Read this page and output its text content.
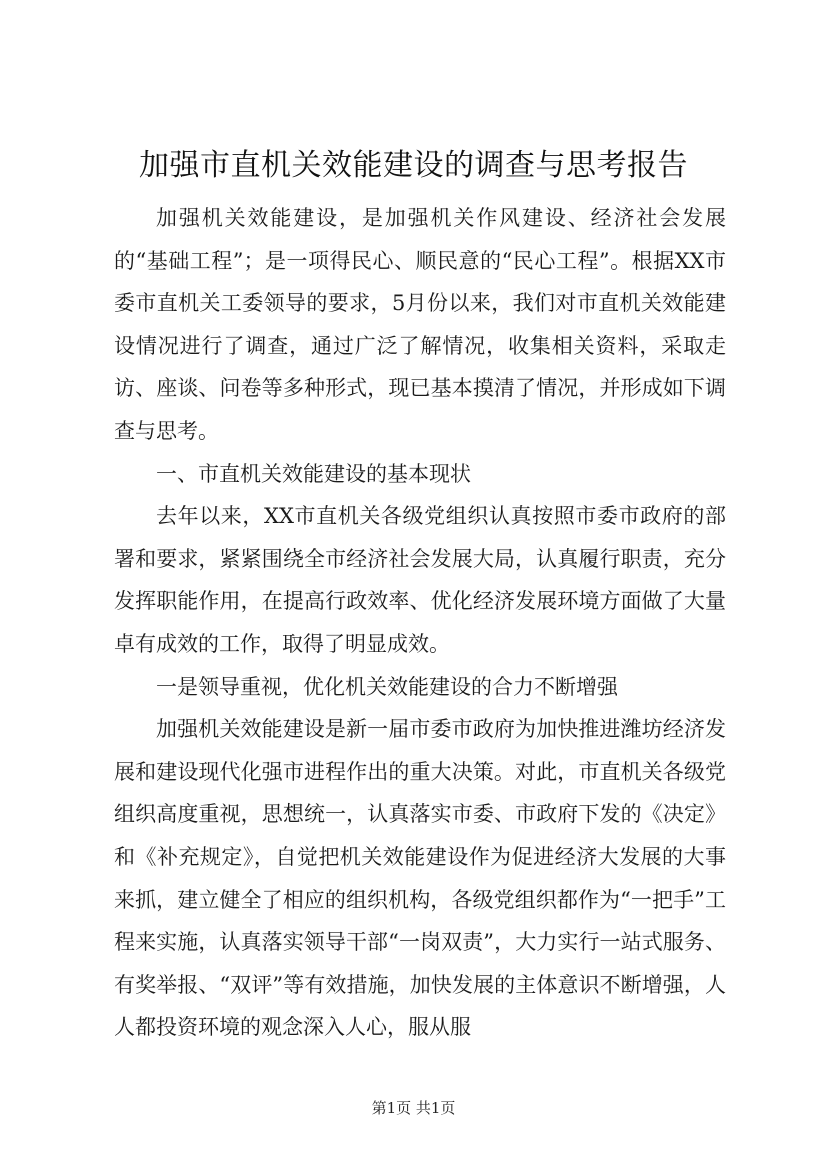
加强市直机关效能建设的调查与思考报告

加强机关效能建设，是加强机关作风建设、经济社会发展的“基础工程”；是一项得民心、顺民意的“民心工程”。根据XX市委市直机关工委领导的要求，5月份以来，我们对市直机关效能建设情况进行了调查，通过广泛了解情况，收集相关资料，采取走访、座谈、问卷等多种形式，现已基本摸清了情况，并形成如下调查与思考。

一、市直机关效能建设的基本现状

去年以来，XX市直机关各级党组织认真按照市委市政府的部署和要求，紧紧围绕全市经济社会发展大局，认真履行职责，充分发挥职能作用，在提高行政效率、优化经济发展环境方面做了大量卓有成效的工作，取得了明显成效。

一是领导重视，优化机关效能建设的合力不断增强

加强机关效能建设是新一届市委市政府为加快推进潍坊经济发展和建设现代化强市进程作出的重大决策。对此，市直机关各级党组织高度重视，思想统一，认真落实市委、市政府下发的《决定》和《补充规定》，自觉把机关效能建设作为促进经济大发展的大事来抓，建立健全了相应的组织机构，各级党组织都作为“一把手”工程来实施，认真落实领导干部“一岗双责”，大力实行一站式服务、有奖举报、“双评”等有效措施，加快发展的主体意识不断增强，人人都投资环境的观念深入人心，服从服

第1页 共1页
